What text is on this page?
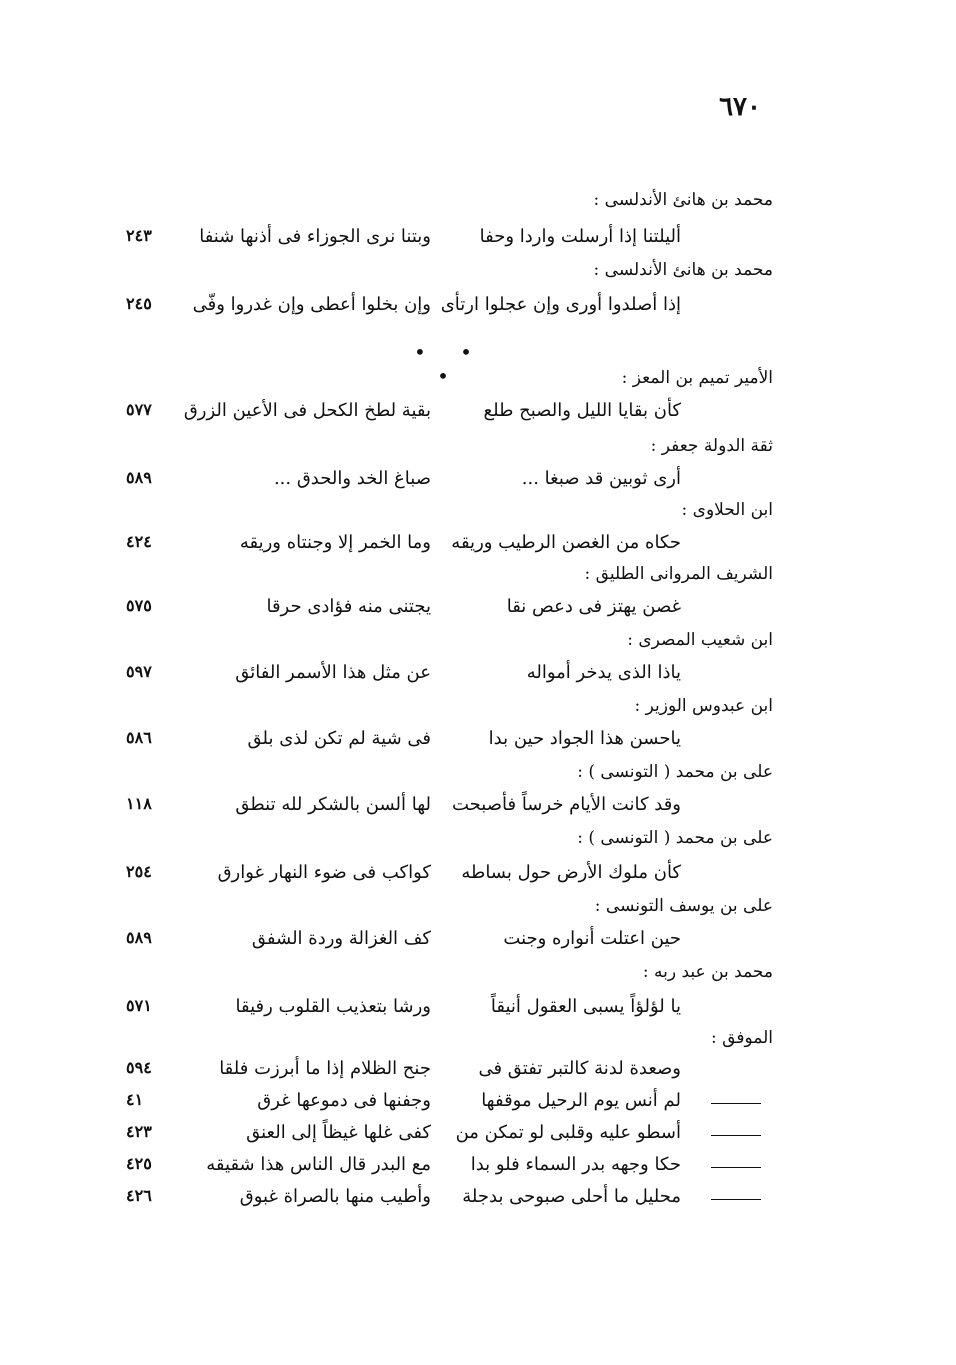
٦٧٠
محمد بن هانئ الأندلسى :
أليلتنا إذا أرسلت واردا وحفا
وبتنا نرى الجوزاء فى أذنها شنفا
٢٤٣
محمد بن هانئ الأندلسى :
إذا أصلدوا أورى وإن عجلوا ارتأى
وإن بخلوا أعطى وإن غدروا وفّى
٢٤٥
• • •	الأمير تميم بن المعز :
كأن بقايا الليل والصبح طلع
بقية لطخ الكحل فى الأعين الزرق
٥٧٧
ثقة الدولة جعفر :
أرى ثوبين قد صبغا ...
صباغ الخد والحدق ...
٥٨٩
ابن الحلاوى :
حكاه من الغصن الرطيب وريقه
وما الخمر إلا وجنتاه وريقه
٤٢٤
الشريف المروانى الطليق :
غصن يهتز فى دعص نقا
يجتنى منه فؤادى حرقا
٥٧٥
ابن شعيب المصرى :
ياذا الذى يدخر أمواله
عن مثل هذا الأسمر الفائق
٥٩٧
ابن عبدوس الوزير :
ياحسن هذا الجواد حين بدا
فى شية لم تكن لذى بلق
٥٨٦
على بن محمد ( التونسى ) :
وقد كانت الأيام خرساً فأصبحت
لها ألسن بالشكر لله تنطق
١١٨
على بن محمد ( التونسى ) :
كأن ملوك الأرض حول بساطه
كواكب فى ضوء النهار غوارق
٢٥٤
على بن يوسف التونسى :
حين اعتلت أنواره وجنت
كف الغزالة وردة الشفق
٥٨٩
محمد بن عبد ربه :
يا لؤلؤاً يسبى العقول أنيقاً
ورشا بتعذيب القلوب رفيقا
٥٧١
الموفق :
وصعدة لدنة كالتبر تفتق فى
جنح الظلام إذا ما أبرزت فلقا
٥٩٤
لم أنس يوم الرحيل موقفها
وجفنها فى دموعها غرق
٤١
أسطو عليه وقلبى لو تمكن من
كفى غلها غيظاً إلى العنق
٤٢٣
حكا وجهه بدر السماء فلو بدا
مع البدر قال الناس هذا شقيقه
٤٢٥
محليل ما أحلى صبوحى بدجلة
وأطيب منها بالصراة غبوق
٤٢٦
